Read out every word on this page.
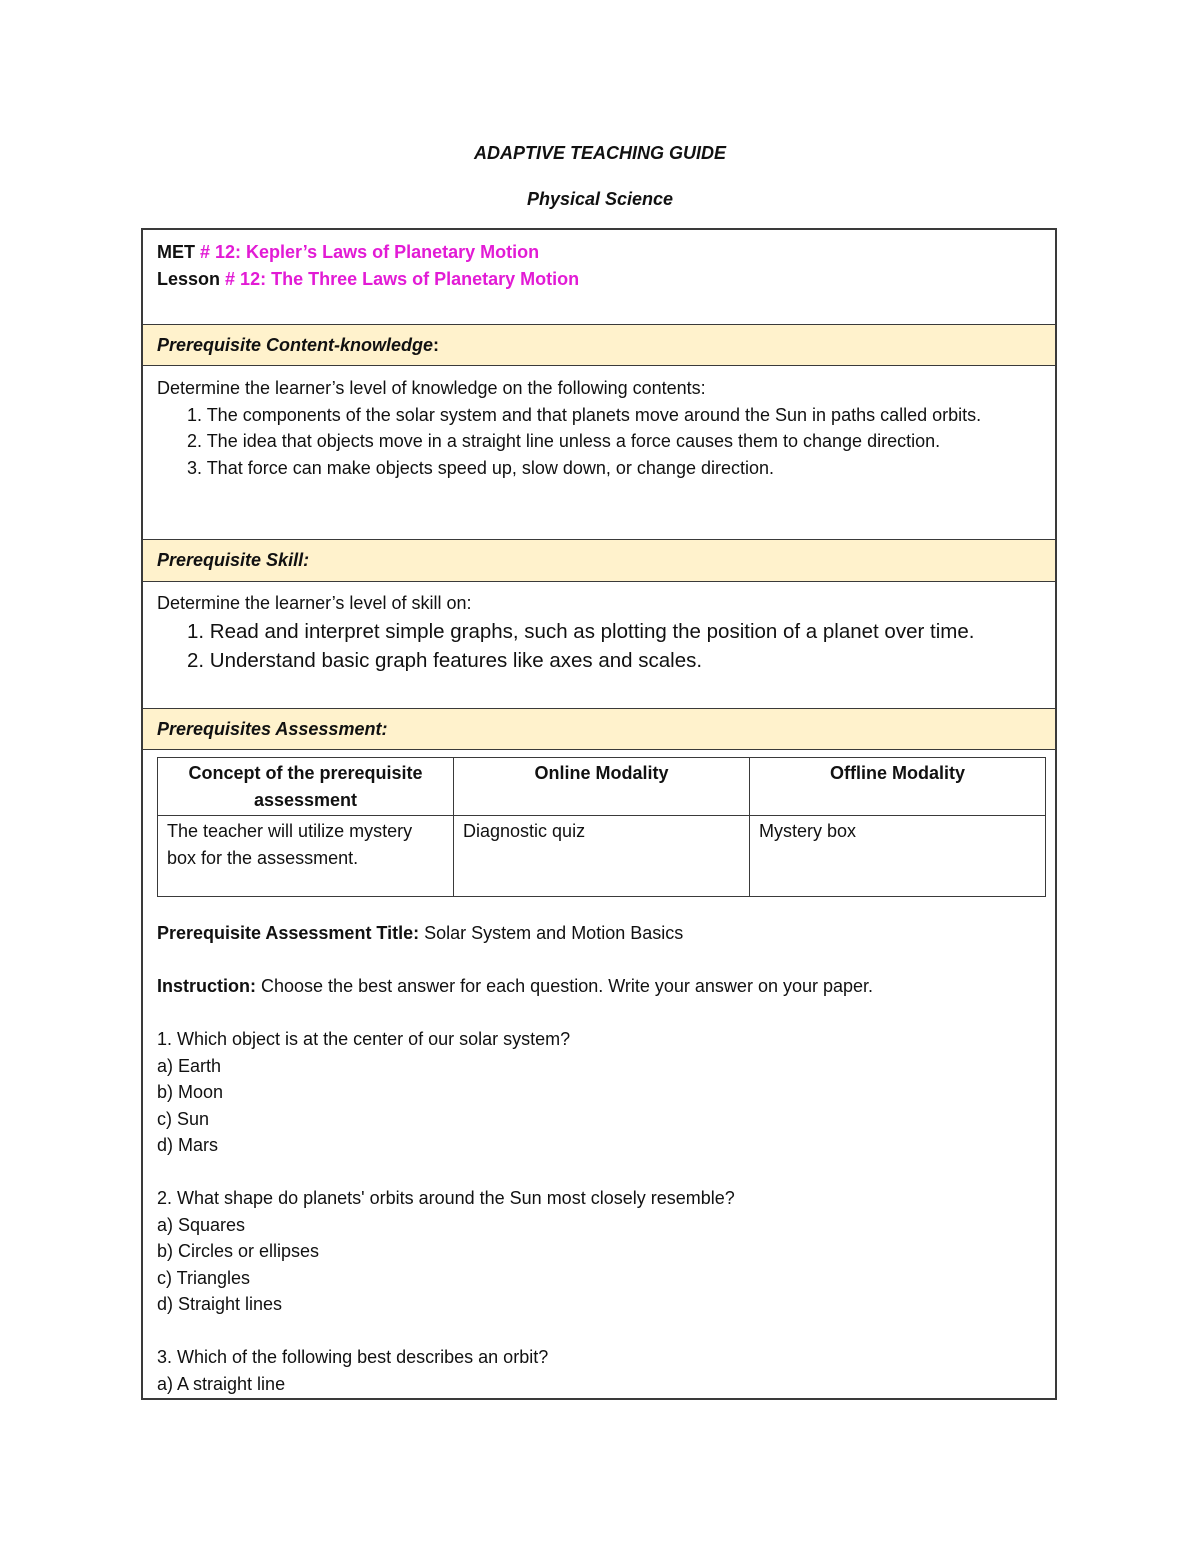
ADAPTIVE TEACHING GUIDE
Physical Science
MET # 12: Kepler’s Laws of Planetary Motion
Lesson # 12: The Three Laws of Planetary Motion
Prerequisite Content-knowledge :
Determine the learner’s level of knowledge on the following contents:
1. The components of the solar system and that planets move around the Sun in paths called orbits.
2. The idea that objects move in a straight line unless a force causes them to change direction.
3. That force can make objects speed up, slow down, or change direction.
Prerequisite Skill:
Determine the learner’s level of skill on:
1. Read and interpret simple graphs, such as plotting the position of a planet over time.
2. Understand basic graph features like axes and scales.
Prerequisites Assessment:
Concept of the prerequisite assessment	Online Modality	Offline Modality
The teacher will utilize mystery box for the assessment.	Diagnostic quiz	Mystery box
Prerequisite Assessment Title: Solar System and Motion Basics
Instruction: Choose the best answer for each question. Write your answer on your paper.
1. Which object is at the center of our solar system?
a) Earth
b) Moon
c) Sun
d) Mars
2. What shape do planets' orbits around the Sun most closely resemble?
a) Squares
b) Circles or ellipses
c) Triangles
d) Straight lines
3. Which of the following best describes an orbit?
a) A straight line
